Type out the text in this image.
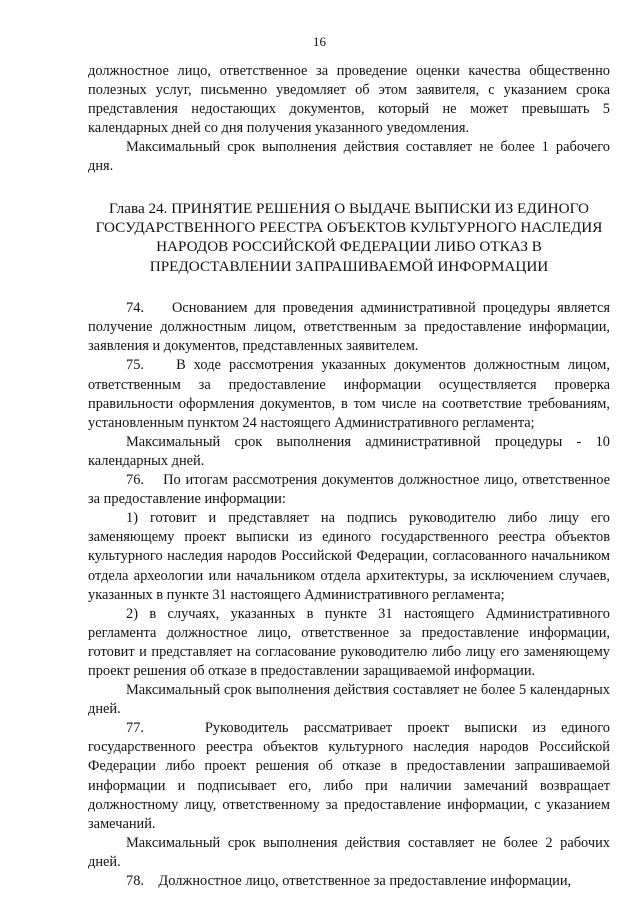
16

должностное лицо, ответственное за проведение оценки качества общественно полезных услуг, письменно уведомляет об этом заявителя, с указанием срока представления недостающих документов, который не может превышать 5 календарных дней со дня получения указанного уведомления.

Максимальный срок выполнения действия составляет не более 1 рабочего дня.

Глава 24. ПРИНЯТИЕ РЕШЕНИЯ О ВЫДАЧЕ ВЫПИСКИ ИЗ ЕДИНОГО ГОСУДАРСТВЕННОГО РЕЕСТРА ОБЪЕКТОВ КУЛЬТУРНОГО НАСЛЕДИЯ НАРОДОВ РОССИЙСКОЙ ФЕДЕРАЦИИ ЛИБО ОТКАЗ В ПРЕДОСТАВЛЕНИИ ЗАПРАШИВАЕМОЙ ИНФОРМАЦИИ

74.    Основанием для проведения административной процедуры является получение должностным лицом, ответственным за предоставление информации, заявления и документов, представленных заявителем.

75.    В ходе рассмотрения указанных документов должностным лицом, ответственным за предоставление информации осуществляется проверка правильности оформления документов, в том числе на соответствие требованиям, установленным пунктом 24 настоящего Административного регламента;

Максимальный срок выполнения административной процедуры - 10 календарных дней.

76.    По итогам рассмотрения документов должностное лицо, ответственное за предоставление информации:

1) готовит и представляет на подпись руководителю либо лицу его заменяющему проект выписки из единого государственного реестра объектов культурного наследия народов Российской Федерации, согласованного начальником отдела археологии или начальником отдела архитектуры, за исключением случаев, указанных в пункте 31 настоящего Административного регламента;

2) в случаях, указанных в пункте 31 настоящего Административного регламента должностное лицо, ответственное за предоставление информации, готовит и представляет на согласование руководителю либо лицу его заменяющему проект решения об отказе в предоставлении заращиваемой информации.

Максимальный срок выполнения действия составляет не более 5 календарных дней.

77.    Руководитель рассматривает проект выписки из единого государственного реестра объектов культурного наследия народов Российской Федерации либо проект решения об отказе в предоставлении запрашиваемой информации и подписывает его, либо при наличии замечаний возвращает должностному лицу, ответственному за предоставление информации, с указанием замечаний.

Максимальный срок выполнения действия составляет не более 2 рабочих дней.

78.    Должностное лицо, ответственное за предоставление информации,
